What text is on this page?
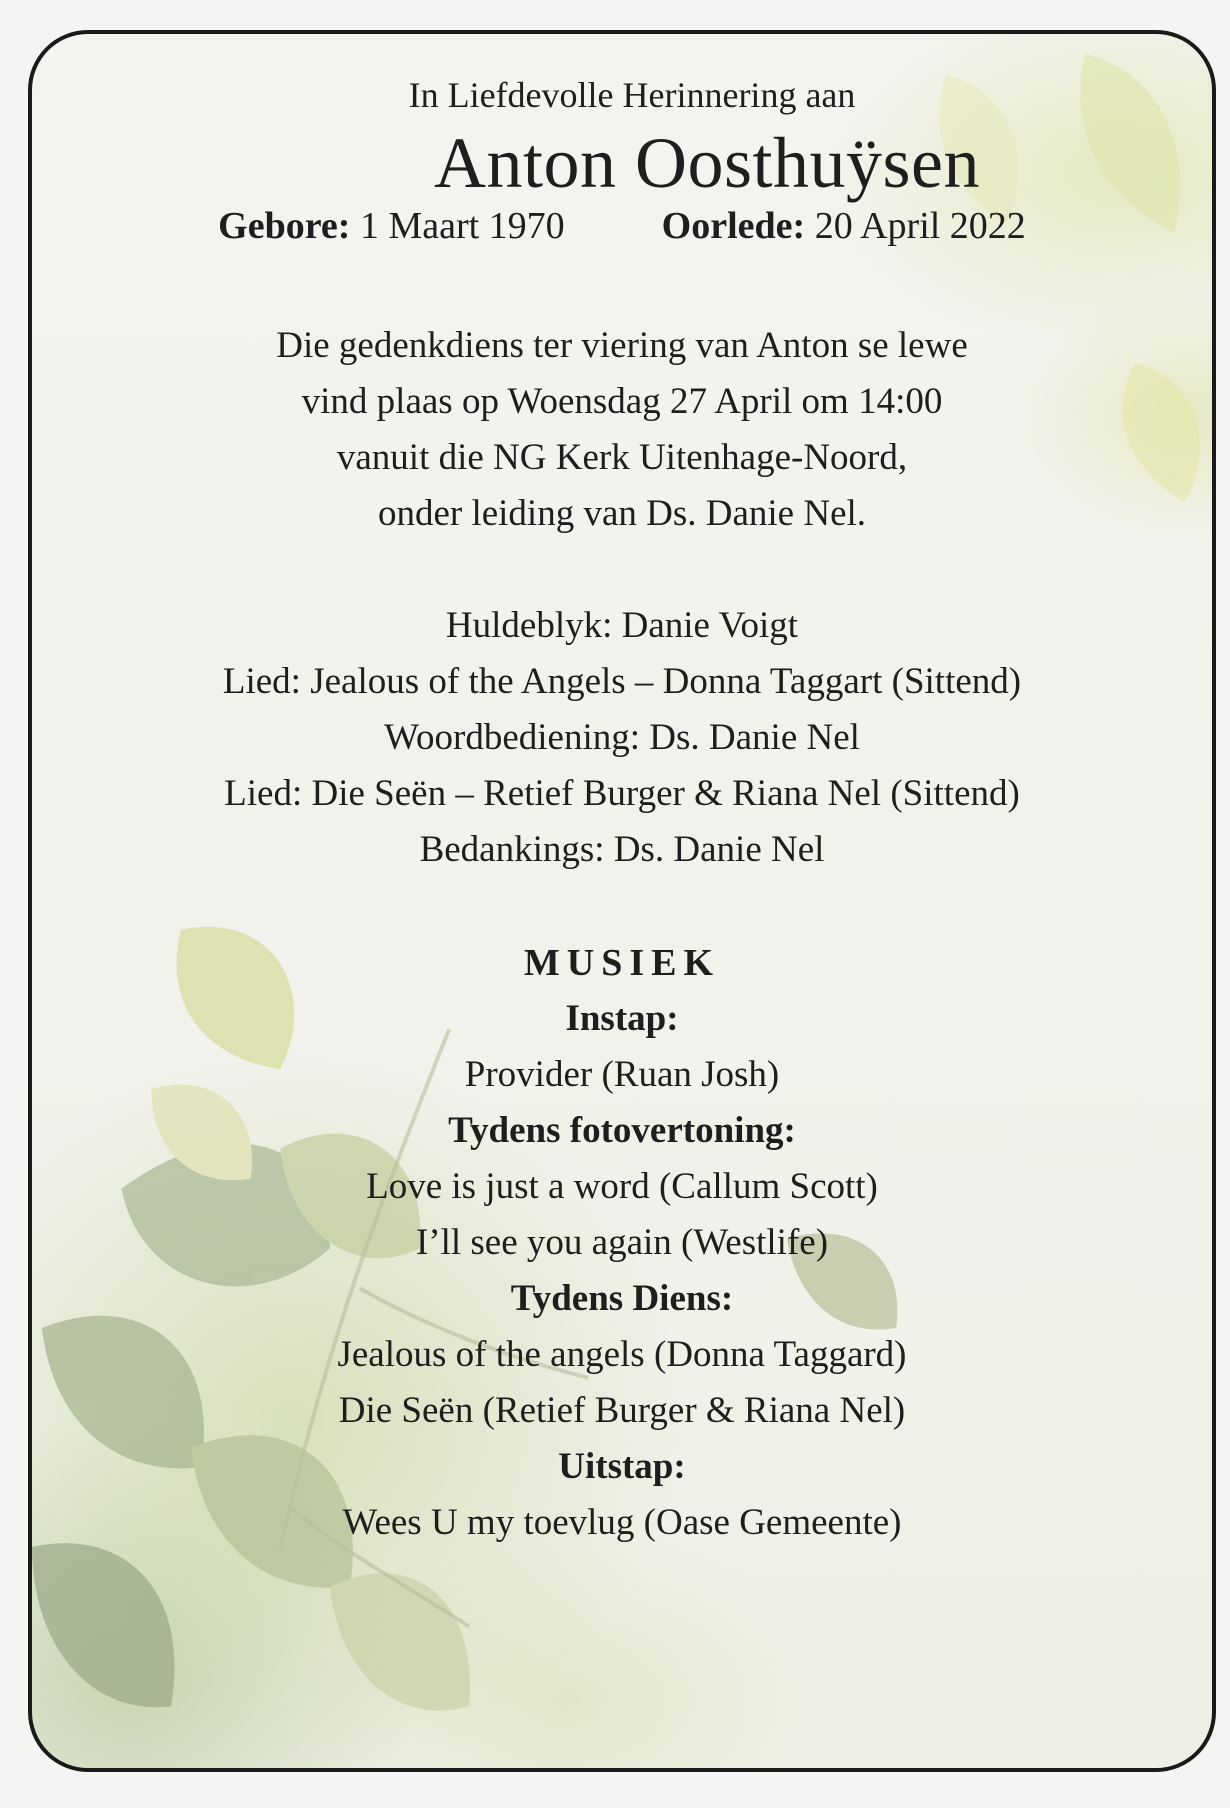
In Liefdevolle Herinnering aan
Anton Oosthuÿsen
Gebore: 1 Maart 1970	Oorlede: 20 April 2022
Die gedenkdiens ter viering van Anton se lewe
vind plaas op Woensdag 27 April om 14:00
vanuit die NG Kerk Uitenhage-Noord,
onder leiding van Ds. Danie Nel.
Huldeblyk: Danie Voigt
Lied: Jealous of the Angels – Donna Taggart (Sittend)
Woordbediening: Ds. Danie Nel
Lied: Die Seën – Retief Burger & Riana Nel (Sittend)
Bedankings: Ds. Danie Nel
MUSIEK
Instap:
Provider (Ruan Josh)
Tydens fotovertoning:
Love is just a word (Callum Scott)
I’ll see you again (Westlife)
Tydens Diens:
Jealous of the angels (Donna Taggard)
Die Seën (Retief Burger & Riana Nel)
Uitstap:
Wees U my toevlug (Oase Gemeente)
